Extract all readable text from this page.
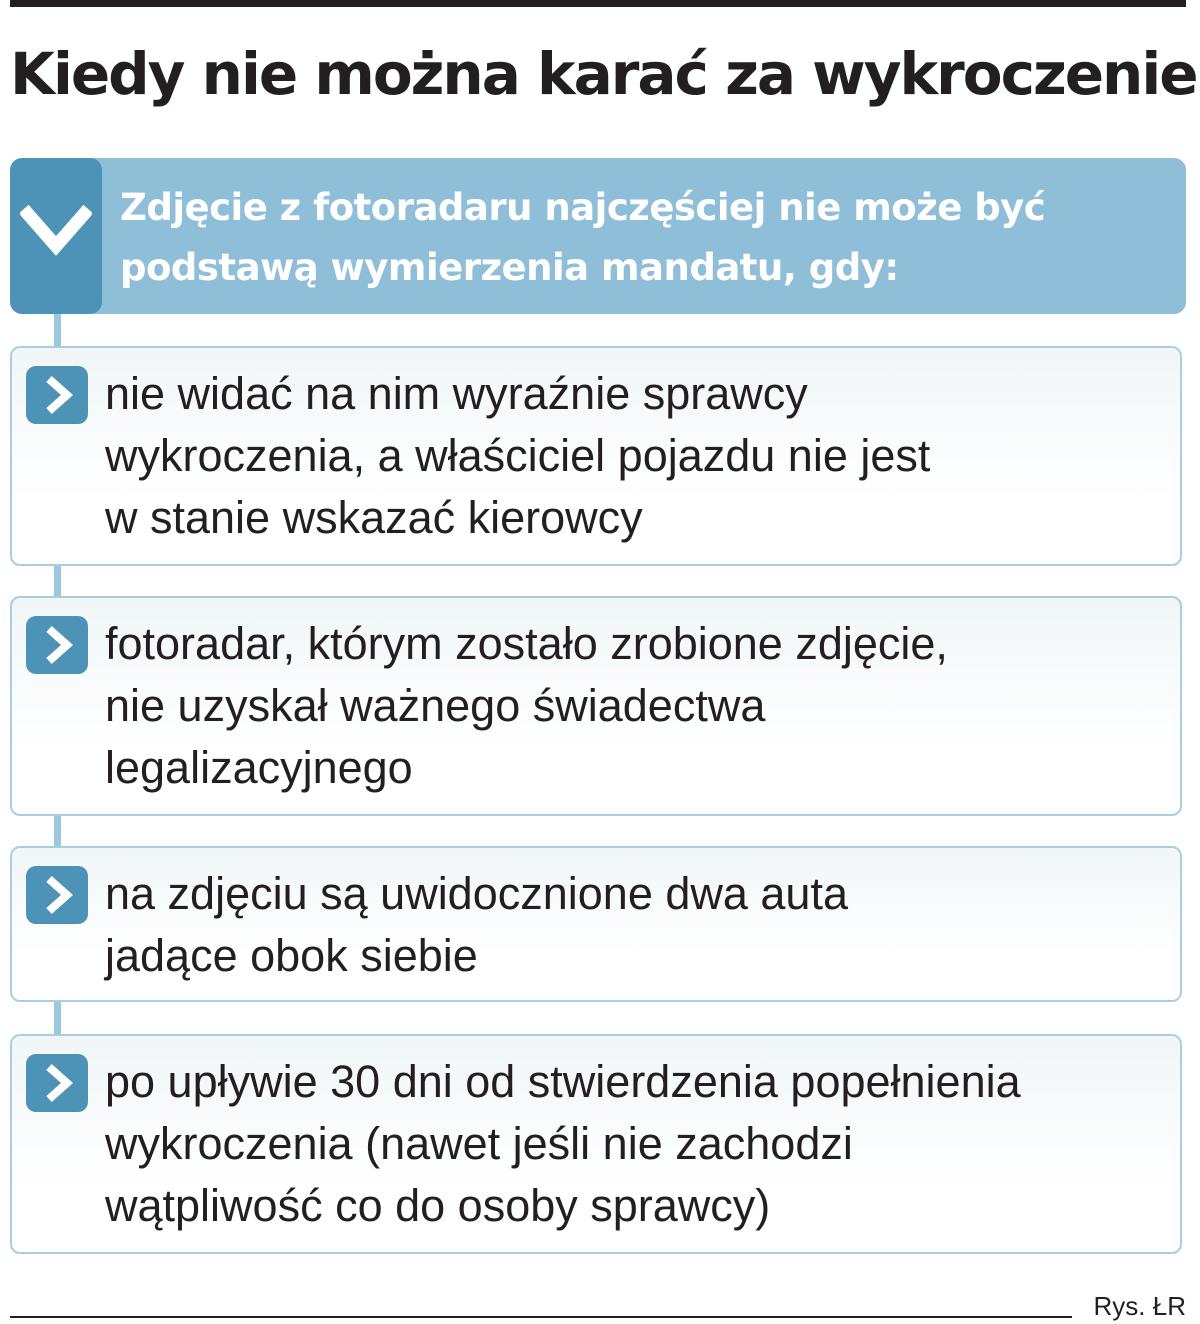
Kiedy nie można karać za wykroczenie

Zdjęcie z fotoradaru najczęściej nie może być
podstawą wymierzenia mandatu, gdy:

nie widać na nim wyraźnie sprawcy
wykroczenia, a właściciel pojazdu nie jest
w stanie wskazać kierowcy

fotoradar, którym zostało zrobione zdjęcie,
nie uzyskał ważnego świadectwa
legalizacyjnego

na zdjęciu są uwidocznione dwa auta
jadące obok siebie

po upływie 30 dni od stwierdzenia popełnienia
wykroczenia (nawet jeśli nie zachodzi
wątpliwość co do osoby sprawcy)

Rys. ŁR
